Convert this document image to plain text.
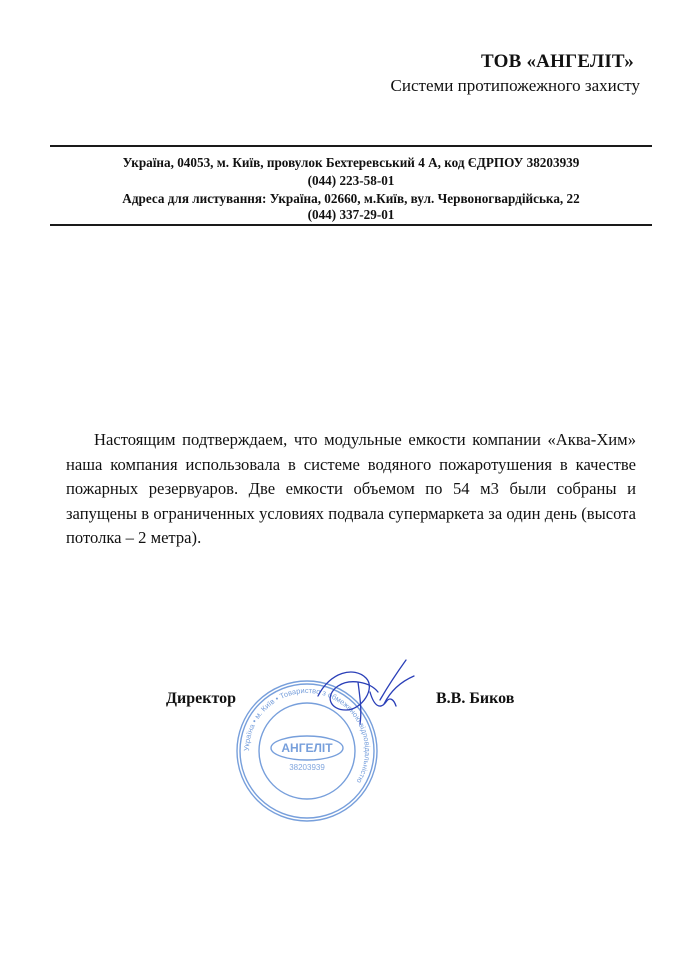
ТОВ «АНГЕЛІТ»
Системи протипожежного захисту
Україна, 04053, м. Київ, провулок Бехтеревський 4 А, код ЄДРПОУ 38203939
(044) 223-58-01
Адреса для листування: Україна, 02660, м.Київ, вул. Червоногвардійська, 22
(044) 337-29-01
Настоящим подтверждаем, что модульные емкости компании «Аква-Хим» наша компания использовала в системе водяного пожаротушения в качестве пожарных резервуаров. Две емкости объемом по 54 м3 были собраны и запущены в ограниченных условиях подвала супермаркета за один день (высота потолка – 2 метра).
Україна • м. Київ • Товариство з обмеженою відповідальністю
АНГЕЛІТ
38203939
Директор	В.В. Биков
